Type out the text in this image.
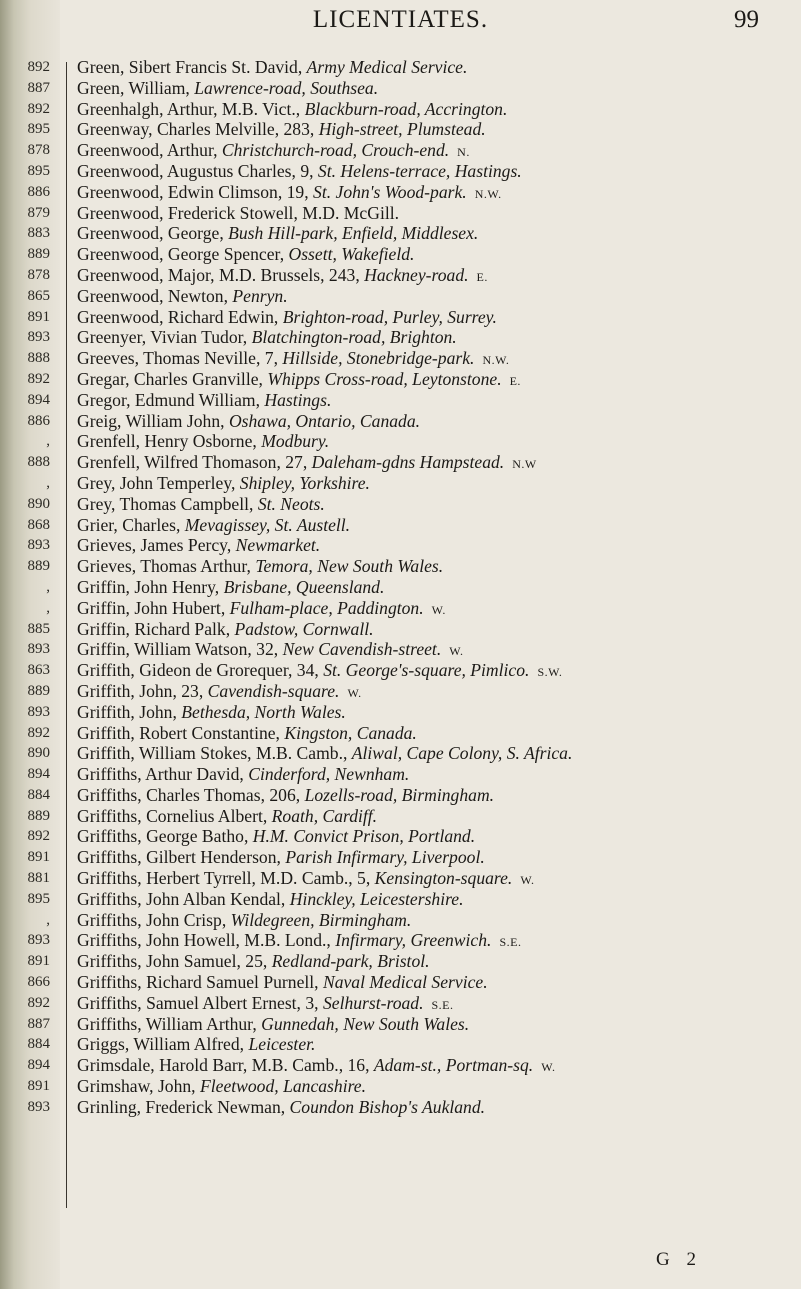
LICENTIATES.	99
892
887
892
895
878
895
886
879
883
889
878
865
891
893
888
892
894
886
,
888
,
890
868
893
889
,
,
885
893
863
889
893
892
890
894
884
889
892
891
881
895
,
893
891
866
892
887
884
894
891
893
Green, Sibert Francis St. David, Army Medical Service.
Green, William, Lawrence-road, Southsea.
Greenhalgh, Arthur, M.B. Vict., Blackburn-road, Accrington.
Greenway, Charles Melville, 283, High-street, Plumstead.
Greenwood, Arthur, Christchurch-road, Crouch-end. N.
Greenwood, Augustus Charles, 9, St. Helens-terrace, Hastings.
Greenwood, Edwin Climson, 19, St. John's Wood-park. N.W.
Greenwood, Frederick Stowell, M.D. McGill.
Greenwood, George, Bush Hill-park, Enfield, Middlesex.
Greenwood, George Spencer, Ossett, Wakefield.
Greenwood, Major, M.D. Brussels, 243, Hackney-road. E.
Greenwood, Newton, Penryn.
Greenwood, Richard Edwin, Brighton-road, Purley, Surrey.
Greenyer, Vivian Tudor, Blatchington-road, Brighton.
Greeves, Thomas Neville, 7, Hillside, Stonebridge-park. N.W.
Gregar, Charles Granville, Whipps Cross-road, Leytonstone. E.
Gregor, Edmund William, Hastings.
Greig, William John, Oshawa, Ontario, Canada.
Grenfell, Henry Osborne, Modbury.
Grenfell, Wilfred Thomason, 27, Daleham-gdns Hampstead. N.W
Grey, John Temperley, Shipley, Yorkshire.
Grey, Thomas Campbell, St. Neots.
Grier, Charles, Mevagissey, St. Austell.
Grieves, James Percy, Newmarket.
Grieves, Thomas Arthur, Temora, New South Wales.
Griffin, John Henry, Brisbane, Queensland.
Griffin, John Hubert, Fulham-place, Paddington. W.
Griffin, Richard Palk, Padstow, Cornwall.
Griffin, William Watson, 32, New Cavendish-street. W.
Griffith, Gideon de Grorequer, 34, St. George's-square, Pimlico. S.W.
Griffith, John, 23, Cavendish-square. W.
Griffith, John, Bethesda, North Wales.
Griffith, Robert Constantine, Kingston, Canada.
Griffith, William Stokes, M.B. Camb., Aliwal, Cape Colony, S. Africa.
Griffiths, Arthur David, Cinderford, Newnham.
Griffiths, Charles Thomas, 206, Lozells-road, Birmingham.
Griffiths, Cornelius Albert, Roath, Cardiff.
Griffiths, George Batho, H.M. Convict Prison, Portland.
Griffiths, Gilbert Henderson, Parish Infirmary, Liverpool.
Griffiths, Herbert Tyrrell, M.D. Camb., 5, Kensington-square. W.
Griffiths, John Alban Kendal, Hinckley, Leicestershire.
Griffiths, John Crisp, Wildegreen, Birmingham.
Griffiths, John Howell, M.B. Lond., Infirmary, Greenwich. S.E.
Griffiths, John Samuel, 25, Redland-park, Bristol.
Griffiths, Richard Samuel Purnell, Naval Medical Service.
Griffiths, Samuel Albert Ernest, 3, Selhurst-road. S.E.
Griffiths, William Arthur, Gunnedah, New South Wales.
Griggs, William Alfred, Leicester.
Grimsdale, Harold Barr, M.B. Camb., 16, Adam-st., Portman-sq. W.
Grimshaw, John, Fleetwood, Lancashire.
Grinling, Frederick Newman, Coundon Bishop's Aukland.
G 2
